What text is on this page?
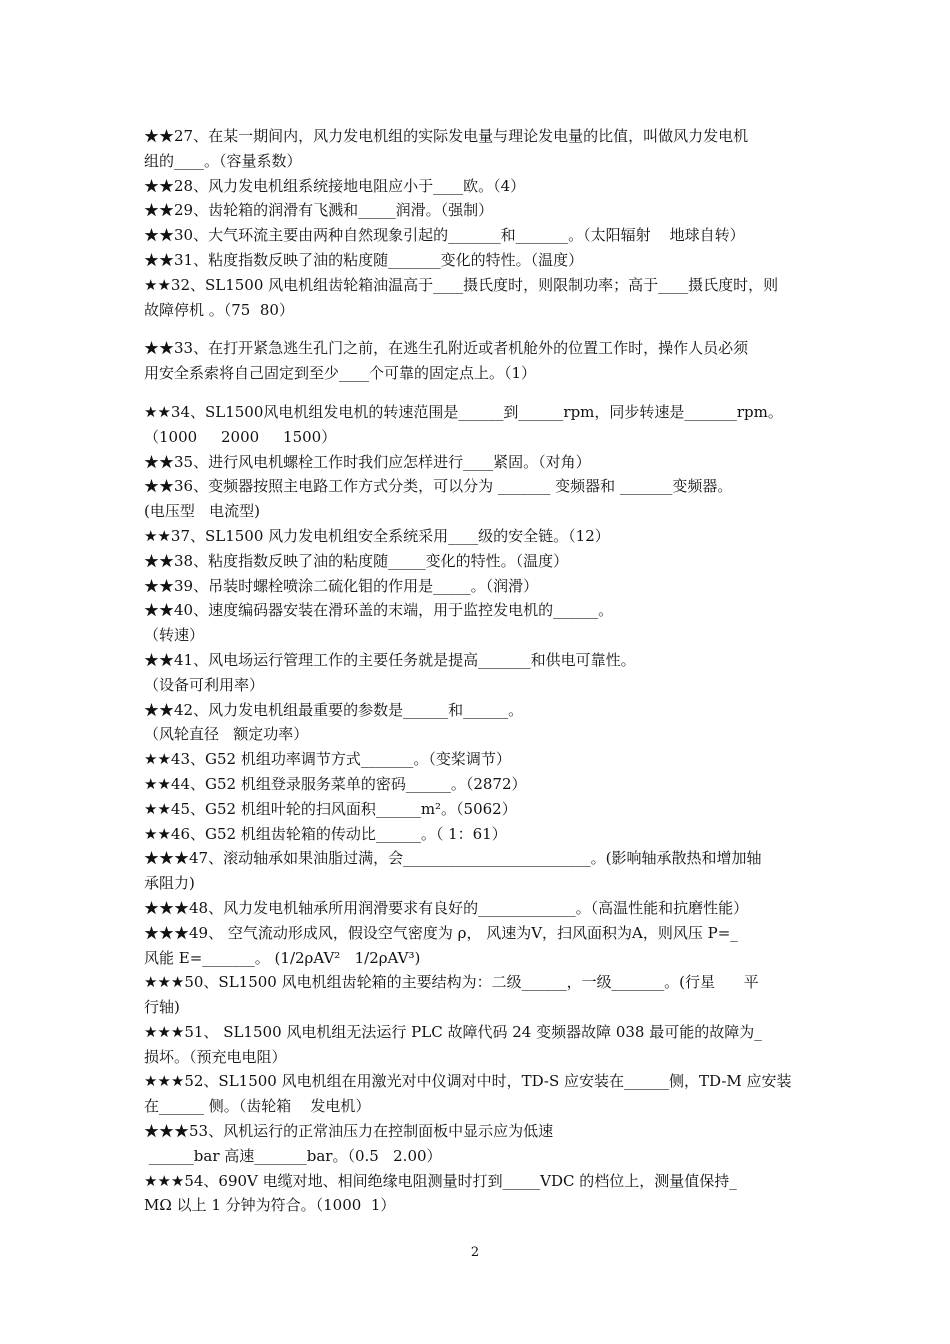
★★27、在某一期间内，风力发电机组的实际发电量与理论发电量的比值，叫做风力发电机
组的____。（容量系数）
★★28、风力发电机组系统接地电阻应小于____欧。（4）
★★29、齿轮箱的润滑有飞溅和_____润滑。（强制）
★★30、大气环流主要由两种自然现象引起的_______和_______。（太阳辐射    地球自转）
★★31、粘度指数反映了油的粘度随_______变化的特性。（温度）
★★32、SL1500 风电机组齿轮箱油温高于____摄氏度时，则限制功率；高于____摄氏度时，则
故障停机 。（75  80）
★★33、在打开紧急逃生孔门之前，在逃生孔附近或者机舱外的位置工作时，操作人员必须
用安全系索将自己固定到至少____个可靠的固定点上。（1）
★★34、SL1500风电机组发电机的转速范围是______到______rpm，同步转速是_______rpm。
（1000     2000     1500）
★★35、进行风电机螺栓工作时我们应怎样进行____紧固。（对角）
★★36、变频器按照主电路工作方式分类，可以分为 _______ 变频器和 _______变频器。
(电压型   电流型)
★★37、SL1500 风力发电机组安全系统采用____级的安全链。（12）
★★38、粘度指数反映了油的粘度随_____变化的特性。（温度）
★★39、吊装时螺栓喷涂二硫化钼的作用是_____。（润滑）
★★40、速度编码器安装在滑环盖的末端，用于监控发电机的______。
（转速）
★★41、风电场运行管理工作的主要任务就是提高_______和供电可靠性。
（设备可利用率）
★★42、风力发电机组最重要的参数是______和______。
（风轮直径   额定功率）
★★43、G52 机组功率调节方式_______。（变桨调节）
★★44、G52 机组登录服务菜单的密码______。（2872）
★★45、G52 机组叶轮的扫风面积______m²。（5062）
★★46、G52 机组齿轮箱的传动比______。（ 1：61）
★★★47、滚动轴承如果油脂过满，会_________________________。(影响轴承散热和增加轴
承阻力)
★★★48、风力发电机轴承所用润滑要求有良好的_____________。（高温性能和抗磨性能）
★★★49、 空气流动形成风，假设空气密度为 ρ， 风速为V，扫风面积为A，则风压 P=_
风能 E=_______。 (1/2ρAV²   1/2ρAV³)
★★★50、SL1500 风电机组齿轮箱的主要结构为：二级______，一级_______。(行星      平
行轴)
★★★51、 SL1500 风电机组无法运行 PLC 故障代码 24 变频器故障 038 最可能的故障为_
损坏。（预充电电阻）
★★★52、SL1500 风电机组在用激光对中仪调对中时，TD-S 应安装在______侧，TD-M 应安装
在______ 侧。（齿轮箱    发电机）
★★★53、风机运行的正常油压力在控制面板中显示应为低速
______bar 高速_______bar。（0.5   2.00）
★★★54、690V 电缆对地、相间绝缘电阻测量时打到_____VDC 的档位上，测量值保持_
MΩ 以上 1 分钟为符合。（1000  1）
2
